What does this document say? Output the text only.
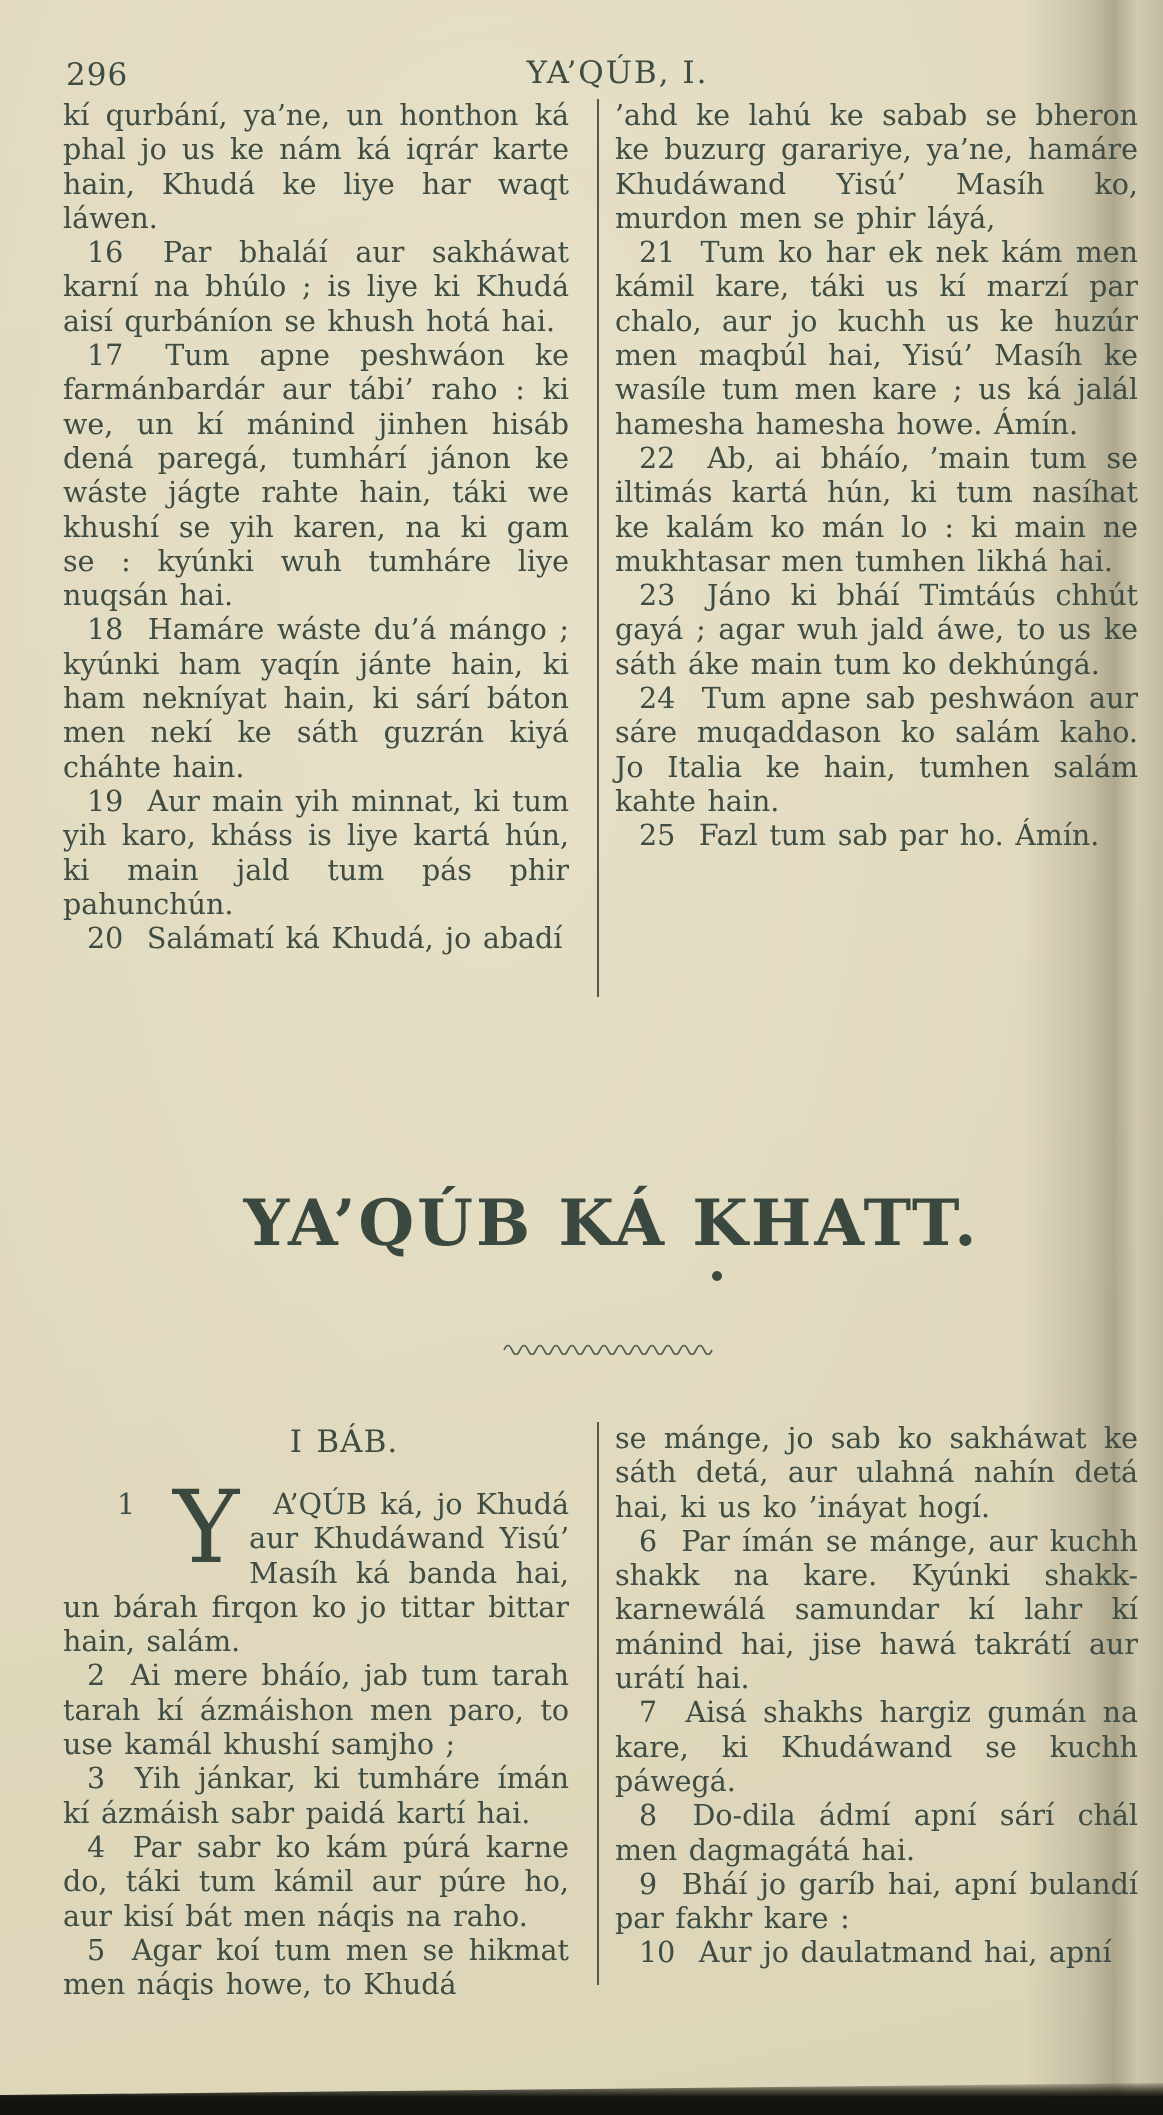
296	YA’QÚB, I.

kí qurbání, ya’ne, un honthon ká phal jo us ke nám ká iqrár karte hain, Khudá ke liye har waqt láwen.

16 Par bhaláí aur sakháwat karní na bhúlo ; is liye ki Khudá aisí qurbáníon se khush hotá hai.

17 Tum apne peshwáon ke farmánbardár aur tábi’ raho : ki we, un kí mánind jinhen hisáb dená paregá, tumhárí jánon ke wáste jágte rahte hain, táki we khushí se yih karen, na ki gam se : kyúnki wuh tumháre liye nuqsán hai.

18 Hamáre wáste du’á mángo ; kyúnki ham yaqín jánte hain, ki ham nekníyat hain, ki sárí báton men nekí ke sáth guzrán kiyá cháhte hain.

19 Aur main yih minnat, ki tum yih karo, kháss is liye kartá hún, ki main jald tum pás phir pahunchún.

20 Salámatí ká Khudá, jo abadí

’ahd ke lahú ke sabab se bheron ke buzurg garariye, ya’ne, hamáre Khudáwand Yisú’ Masíh ko, murdon men se phir láyá,

21 Tum ko har ek nek kám men kámil kare, táki us kí marzí par chalo, aur jo kuchh us ke huzúr men maqbúl hai, Yisú’ Masíh ke wasíle tum men kare ; us ká jalál hamesha hamesha howe. Ámín.

22 Ab, ai bháío, ’main tum se iltimás kartá hún, ki tum nasíhat ke kalám ko mán lo : ki main ne mukhtasar men tumhen likhá hai.

23 Jáno ki bháí Timtáús chhút gayá ; agar wuh jald áwe, to us ke sáth áke main tum ko dekhúngá.

24 Tum apne sab peshwáon aur sáre muqaddason ko salám kaho. Jo Italia ke hain, tumhen salám kahte hain.

25 Fazl tum sab par ho. Ámín.

YA’QÚB KÁ KHATT.
I BÁB.

1 Y A’QÚB ká, jo Khudá aur Khudáwand Yisú’ Masíh ká banda hai, un bárah firqon ko jo tittar bittar hain, salám.

2 Ai mere bháío, jab tum tarah tarah kí ázmáishon men paro, to use kamál khushí samjho ;

3 Yih jánkar, ki tumháre ímán kí ázmáish sabr paidá kartí hai.

4 Par sabr ko kám púrá karne do, táki tum kámil aur púre ho, aur kisí bát men náqis na raho.

5 Agar koí tum men se hikmat men náqis howe, to Khudá

se mánge, jo sab ko sakháwat ke sáth detá, aur ulahná nahín detá hai, ki us ko ’ináyat hogí.

6 Par ímán se mánge, aur kuchh shakk na kare. Kyúnki shakk-karnewálá samundar kí lahr kí mánind hai, jise hawá takrátí aur urátí hai.

7 Aisá shakhs hargiz gumán na kare, ki Khudáwand se kuchh páwegá.

8 Do-dila ádmí apní sárí chál men dagmagátá hai.

9 Bháí jo garíb hai, apní bulandí par fakhr kare :

10 Aur jo daulatmand hai, apní
